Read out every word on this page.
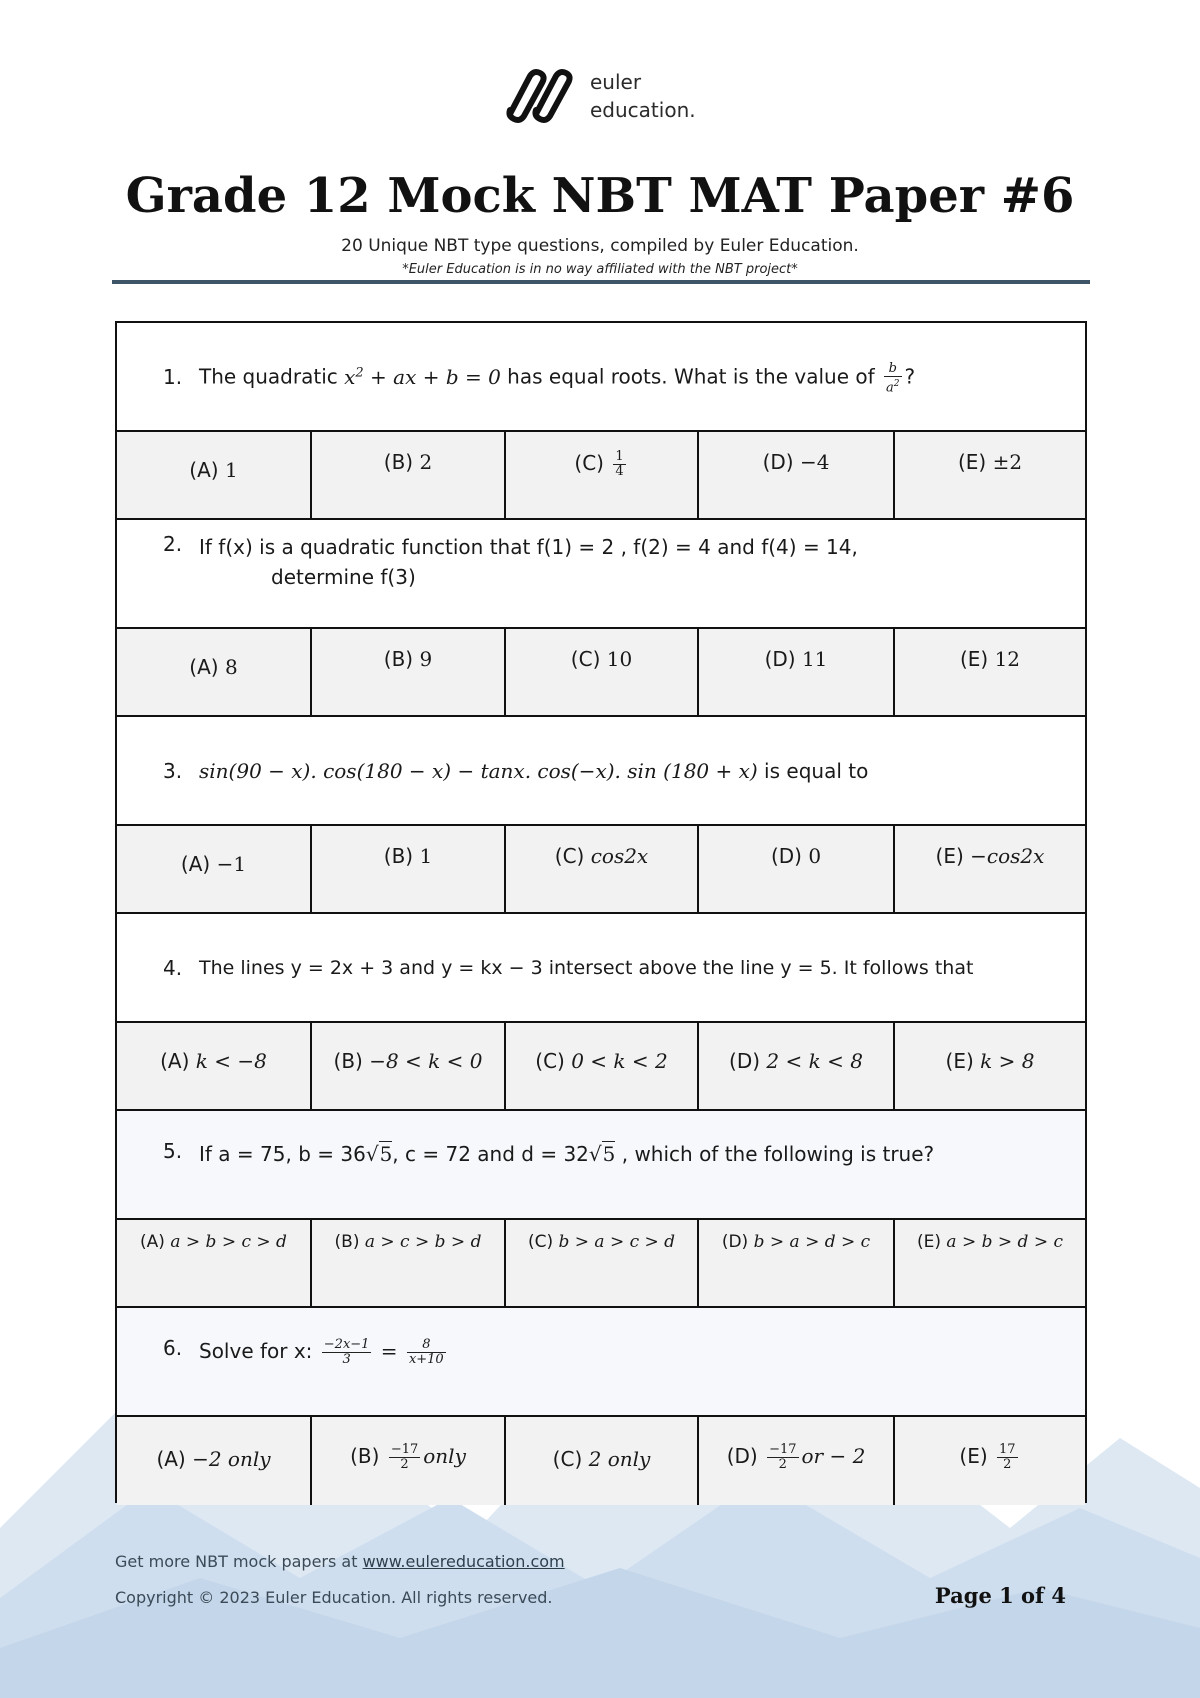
euler
education.
Grade 12 Mock NBT MAT Paper #6
20 Unique NBT type questions, compiled by Euler Education.
*Euler Education is in no way affiliated with the NBT project*
1. The quadratic $x^2$ + ax + b = 0 has equal roots. What is the value of $\frac{b}{a^2}$ ?
(A) 1	(B) 2	$(C) \frac{1}{4}$	(D) −4	(E) ±2
2. If f(x) is a quadratic function that f(1) = 2 , f(2) = 4 and f(4) = 14,
determine f(3)
(A) 8	(B) 9	(C) 10	(D) 11	(E) 12
3. sin(90 − x). cos(180 − x) − tanx. cos(−x). sin (180 + x) is equal to
(A) −1	(B) 1	(C) cos2x	(D) 0	(E) −cos2x
4. The lines y = 2x + 3 and y = kx − 3 intersect above the line y = 5. It follows that
(A) k < −8	(B) −8 < k < 0	(C) 0 < k < 2	(D) 2 < k < 8	(E) k > 8
5. If a = 75, b = 36√5, c = 72 and d = 32√5 , which of the following is true?
(A) a > b > c > d	(B) a > c > b > d	(C) b > a > c > d	(D) b > a > d > c	(E) a > b > d > c
6. Solve for x: $\frac{-2x-1}{3} = \frac{8}{x+10}$
(A) −2 only	$(B) \frac{-17}{2}$ only	(C) 2 only	$(D) \frac{-17}{2}$ or − 2	$(E) \frac{17}{2}$
Get more NBT mock papers at www.eulereducation.com
Copyright © 2023 Euler Education. All rights reserved.	Page 1 of 4
